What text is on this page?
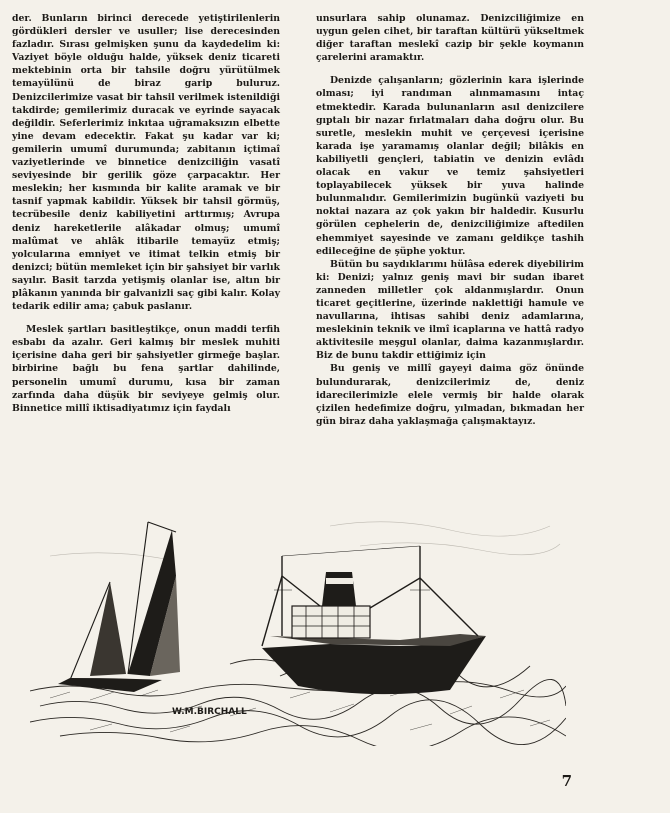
der. Bunların birinci derecede yetiştirilenlerin gördükleri dersler ve usuller; lise derecesinden fazladır. Sırası gelmişken şunu da kaydedelim ki: Vaziyet böyle olduğu halde, yüksek deniz ticareti mektebinin orta bir tahsile doğru yürütülmek temayülünü de biraz garip buluruz. Denizcilerimize vasat bir tahsil verilmek istenildiği takdirde; gemilerimiz duracak ve eyrinde sayacak değildir. Seferlerimiz inkıtaa uğramaksızın elbette yine devam edecektir. Fakat şu kadar var ki; gemilerin umumî durumunda; zabitanın içtimaî vaziyetlerinde ve binnetice denizciliğin vasatî seviyesinde bir gerilik göze çarpacaktır. Her meslekin; her kısmında bir kalite aramak ve bir tasnif yapmak kabildir. Yüksek bir tahsil görmüş, tecrübesile deniz kabiliyetini arttırmış; Avrupa deniz hareketlerile alâkadar olmuş; umumî malûmat ve ahlâk itibarile temayüz etmiş; yolcularına emniyet ve itimat telkin etmiş bir denizci; bütün memleket için bir şahsiyet bir varlık sayılır. Basit tarzda yetişmiş olanlar ise, altın bir plâkanın yanında bir galvanizli saç gibi kalır. Kolay tedarik edilir ama; çabuk paslanır.

Meslek şartları basitleştikçe, onun maddi terfih esbabı da azalır. Geri kalmış bir meslek muhiti içerisine daha geri bir şahsiyetler girmeğe başlar. birbirine bağlı bu fena şartlar dahilinde, personelin umumî durumu, kısa bir zaman zarfında daha düşük bir seviyeye gelmiş olur. Binnetice millî iktisadiyatımız için faydalı

unsurlara sahip olunamaz. Denizciliğimize en uygun gelen cihet, bir taraftan kültürü yükseltmek diğer taraftan meslekî cazip bir şekle koymanın çarelerini aramaktır.

Denizde çalışanların; gözlerinin kara işlerinde olması; iyi randıman alınmamasını intaç etmektedir. Karada bulunanların asıl denizcilere gıptalı bir nazar fırlatmaları daha doğru olur. Bu suretle, meslekin muhit ve çerçevesi içerisine karada işe yaramamış olanlar değil; bilâkis en kabiliyetli gençleri, tabiatin ve denizin evlâdı olacak en vakur ve temiz şahsiyetleri toplayabilecek yüksek bir yuva halinde bulunmalıdır. Gemilerimizin bugünkü vaziyeti bu noktai nazara az çok yakın bir haldedir. Kusurlu görülen cephelerin de, denizciliğimize aftedilen ehemmiyet sayesinde ve zamanı geldikçe tashih edileceğine de şüphe yoktur.

Bütün bu saydıklarımı hülâsa ederek diyebilirim ki: Denizi; yalnız geniş mavi bir sudan ibaret zanneden milletler çok aldanmışlardır. Onun ticaret geçitlerine, üzerinde naklettiği hamule ve navullarına, ihtisas sahibi deniz adamlarına, meslekinin teknik ve ilmî icaplarına ve hattâ radyo aktivitesile meşgul olanlar, daima kazanmışlardır. Biz de bunu takdir ettiğimiz için

Bu geniş ve millî gayeyi daima göz önünde bulundurarak, denizcilerimiz de, deniz idarecilerimizle elele vermiş bir halde olarak çizilen hedefimize doğru, yılmadan, bıkmadan her gün biraz daha yaklaşmağa çalışmaktayız.

W.M.BIRCHALL
7
